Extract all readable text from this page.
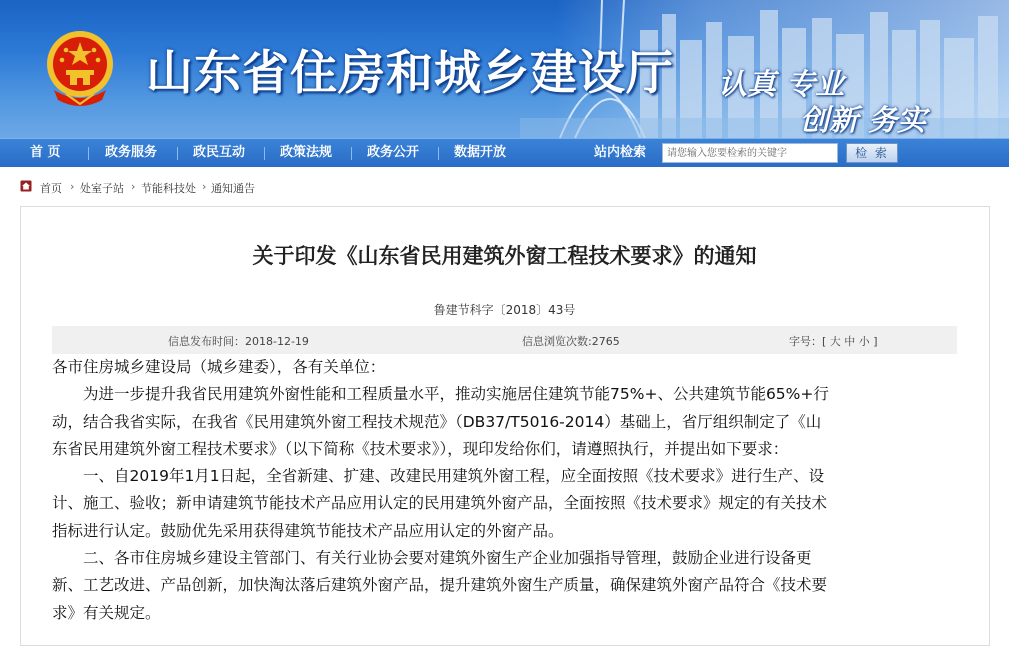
山东省住房和城乡建设厅 认真 专业
创新 务实
首 页	政务服务	政民互动	政策法规	政务公开	数据开放	站内检索
请您输入您要检索的关键字	检 索
首页 › 处室子站 › 节能科技处 › 通知通告
关于印发《山东省民用建筑外窗工程技术要求》的通知
鲁建节科字〔2018〕43号
信息发布时间：2018-12-19	信息浏览次数:2765	字号：[ 大 中 小 ]

各市住房城乡建设局（城乡建委），各有关单位：

　　为进一步提升我省民用建筑外窗性能和工程质量水平，推动实施居住建筑节能75%+、公共建筑节能65%+行

动，结合我省实际，在我省《民用建筑外窗工程技术规范》（DB37/T5016-2014）基础上，省厅组织制定了《山

东省民用建筑外窗工程技术要求》（以下简称《技术要求》），现印发给你们，请遵照执行，并提出如下要求：

　　一、自2019年1月1日起，全省新建、扩建、改建民用建筑外窗工程，应全面按照《技术要求》进行生产、设

计、施工、验收；新申请建筑节能技术产品应用认定的民用建筑外窗产品，全面按照《技术要求》规定的有关技术

指标进行认定。鼓励优先采用获得建筑节能技术产品应用认定的外窗产品。

　　二、各市住房城乡建设主管部门、有关行业协会要对建筑外窗生产企业加强指导管理，鼓励企业进行设备更

新、工艺改进、产品创新，加快淘汰落后建筑外窗产品，提升建筑外窗生产质量，确保建筑外窗产品符合《技术要

求》有关规定。
